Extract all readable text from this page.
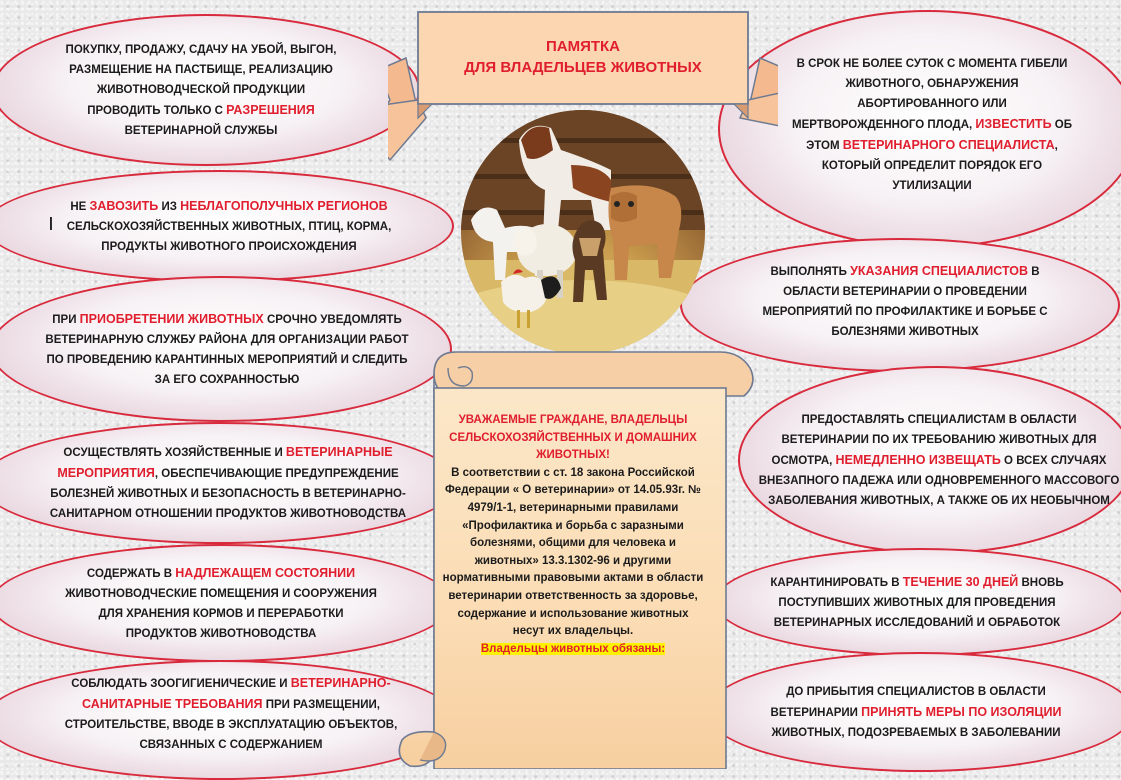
ПОКУПКУ, ПРОДАЖУ, СДАЧУ НА УБОЙ, ВЫГОН, РАЗМЕЩЕНИЕ НА ПАСТБИЩЕ, РЕАЛИЗАЦИЮ ЖИВОТНОВОДЧЕСКОЙ ПРОДУКЦИИ ПРОВОДИТЬ ТОЛЬКО С РАЗРЕШЕНИЯ ВЕТЕРИНАРНОЙ СЛУЖБЫ
НЕ ЗАВОЗИТЬ ИЗ НЕБЛАГОПОЛУЧНЫХ РЕГИОНОВ СЕЛЬСКОХОЗЯЙСТВЕННЫХ ЖИВОТНЫХ, ПТИЦ, КОРМА, ПРОДУКТЫ ЖИВОТНОГО ПРОИСХОЖДЕНИЯ
|
ПРИ ПРИОБРЕТЕНИИ ЖИВОТНЫХ СРОЧНО УВЕДОМЛЯТЬ ВЕТЕРИНАРНУЮ СЛУЖБУ РАЙОНА ДЛЯ ОРГАНИЗАЦИИ РАБОТ ПО ПРОВЕДЕНИЮ КАРАНТИННЫХ МЕРОПРИЯТИЙ И СЛЕДИТЬ ЗА ЕГО СОХРАННОСТЬЮ
ОСУЩЕСТВЛЯТЬ ХОЗЯЙСТВЕННЫЕ И ВЕТЕРИНАРНЫЕ МЕРОПРИЯТИЯ, ОБЕСПЕЧИВАЮЩИЕ ПРЕДУПРЕЖДЕНИЕ БОЛЕЗНЕЙ ЖИВОТНЫХ И БЕЗОПАСНОСТЬ В ВЕТЕРИНАРНО-САНИТАРНОМ ОТНОШЕНИИ ПРОДУКТОВ ЖИВОТНОВОДСТВА
СОДЕРЖАТЬ В НАДЛЕЖАЩЕМ СОСТОЯНИИ ЖИВОТНОВОДЧЕСКИЕ ПОМЕЩЕНИЯ И СООРУЖЕНИЯ ДЛЯ ХРАНЕНИЯ КОРМОВ И ПЕРЕРАБОТКИ ПРОДУКТОВ ЖИВОТНОВОДСТВА
СОБЛЮДАТЬ ЗООГИГИЕНИЧЕСКИЕ И ВЕТЕРИНАРНО-САНИТАРНЫЕ ТРЕБОВАНИЯ ПРИ РАЗМЕЩЕНИИ, СТРОИТЕЛЬСТВЕ, ВВОДЕ В ЭКСПЛУАТАЦИЮ ОБЪЕКТОВ, СВЯЗАННЫХ С СОДЕРЖАНИЕМ
В СРОК НЕ БОЛЕЕ СУТОК С МОМЕНТА ГИБЕЛИ ЖИВОТНОГО, ОБНАРУЖЕНИЯ АБОРТИРОВАННОГО ИЛИ МЕРТВОРОЖДЕННОГО ПЛОДА, ИЗВЕСТИТЬ ОБ ЭТОМ ВЕТЕРИНАРНОГО СПЕЦИАЛИСТА, КОТОРЫЙ ОПРЕДЕЛИТ ПОРЯДОК ЕГО УТИЛИЗАЦИИ
ВЫПОЛНЯТЬ УКАЗАНИЯ СПЕЦИАЛИСТОВ В ОБЛАСТИ ВЕТЕРИНАРИИ О ПРОВЕДЕНИИ МЕРОПРИЯТИЙ ПО ПРОФИЛАКТИКЕ И БОРЬБЕ С БОЛЕЗНЯМИ ЖИВОТНЫХ
ПРЕДОСТАВЛЯТЬ СПЕЦИАЛИСТАМ В ОБЛАСТИ ВЕТЕРИНАРИИ ПО ИХ ТРЕБОВАНИЮ ЖИВОТНЫХ ДЛЯ ОСМОТРА, НЕМЕДЛЕННО ИЗВЕЩАТЬ О ВСЕХ СЛУЧАЯХ ВНЕЗАПНОГО ПАДЕЖА ИЛИ ОДНОВРЕМЕННОГО МАССОВОГО ЗАБОЛЕВАНИЯ ЖИВОТНЫХ, А ТАКЖЕ ОБ ИХ НЕОБЫЧНОМ
КАРАНТИНИРОВАТЬ В ТЕЧЕНИЕ 30 ДНЕЙ ВНОВЬ ПОСТУПИВШИХ ЖИВОТНЫХ ДЛЯ ПРОВЕДЕНИЯ ВЕТЕРИНАРНЫХ ИССЛЕДОВАНИЙ И ОБРАБОТОК
ДО ПРИБЫТИЯ СПЕЦИАЛИСТОВ В ОБЛАСТИ ВЕТЕРИНАРИИ ПРИНЯТЬ МЕРЫ ПО ИЗОЛЯЦИИ ЖИВОТНЫХ, ПОДОЗРЕВАЕМЫХ В ЗАБОЛЕВАНИИ
ПАМЯТКА
ДЛЯ ВЛАДЕЛЬЦЕВ ЖИВОТНЫХ
УВАЖАЕМЫЕ ГРАЖДАНЕ, ВЛАДЕЛЬЦЫ СЕЛЬСКОХОЗЯЙСТВЕННЫХ И ДОМАШНИХ ЖИВОТНЫХ!
В соответствии с ст. 18 закона Российской Федерации « О ветеринарии» от 14.05.93г. № 4979/1-1, ветеринарными правилами «Профилактика и борьба с заразными болезнями, общими для человека и животных» 13.3.1302-96 и другими нормативными правовыми актами в области ветеринарии ответственность за здоровье, содержание и использование животных несут их владельцы.
Владельцы животных обязаны:
